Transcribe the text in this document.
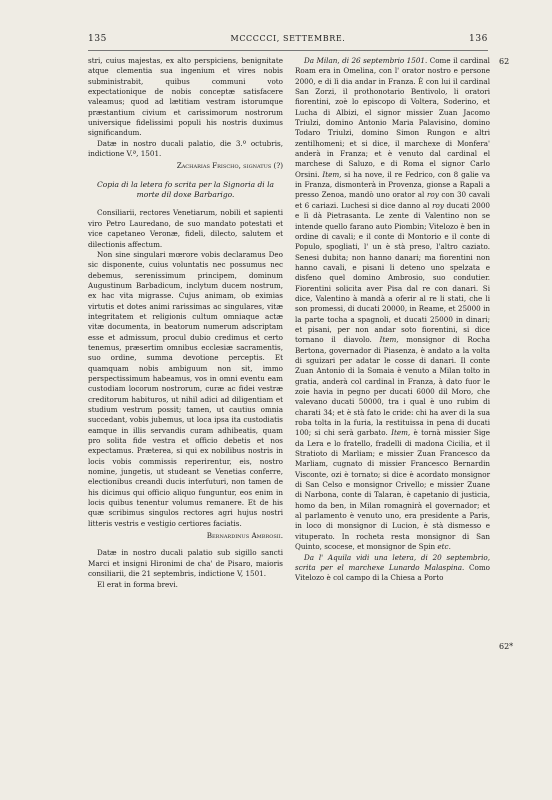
135	MCCCCCI, SETTEMBRE.	136

stri, cuius majestas, ex alto perspiciens, benignitate atque clementia sua ingenium et vires nobis subministrabit, quibus communi voto expectationique de nobis conceptæ satisfacere valeamus; quod ad lætitiam vestram istorumque præstantium civium et carissimorum nostrorum universique fidelissimi populi his nostris duximus significandum.

Datæ in nostro ducali palatio, die 3.º octubris, indictione V.ª, 1501.

Zacharias Frischo, signatus (?)

Copia di la letera fo scrita per la Signoria di la morte dil doxe Barbarigo.

Consiliarii, rectores Venetiarum, nobili et sapienti viro Petro Lauredano, de suo mandato potestati et vice capetaneo Veronæ, fideli, dilecto, salutem et dilectionis affectum.

Non sine singulari mœrore vobis declaramus Deo sic disponente, cuius voluntatis nec possumus nec debemus, serenissimum principem, dominum Augustinum Barbadicum, inclytum ducem nostrum, ex hac vita migrasse. Cujus animam, ob eximias virtutis et dotes animi rarissimas ac singulares, vitæ integritatem et religionis cultum omniaque actæ vitæ documenta, in beatorum numerum adscriptam esse et admissum, procul dubio credimus et certo tenemus, præsertim omnibus ecclesiæ sacramentis, suo ordine, summa devotione perceptis. Et quamquam nobis ambiguum non sit, immo perspectissimum habeamus, vos in omni eventu eam custodiam locorum nostrorum, curæ ac fidei vestræ creditorum habituros, ut nihil adici ad diligentiam et studium vestrum possit; tamen, ut cautius omnia succedant, vobis jubemus, ut loca ipsa ita custodiatis eamque in illis servandis curam adhibeatis, quam pro solita fide vestra et officio debetis et nos expectamus. Præterea, si qui ex nobilibus nostris in locis vobis commissis reperirentur, eis, nostro nomine, jungetis, ut studeant se Venetias conferre, electionibus creandi ducis interfuturi, non tamen de his dicimus qui officio aliquo funguntur, eos enim in locis quibus tenentur volumus remanere. Et de his quæ scribimus singulos rectores agri hujus nostri litteris vestris e vestigio certiores faciatis.

Bernardinus Ambrosii.

Datæ in nostro ducali palatio sub sigillo sancti Marci et insigni Hironimi de cha' de Pisaro, maioris consiliarii, die 21 septembris, indictione V, 1501.

El erat in forma brevi.

Da Milan, di 26 septembrio 1501. Come il cardinal Roam era in Omelina, con l' orator nostro e persone 2000, e di lì dia andar in Franza. È con lui il cardinal San Zorzi, il prothonotario Bentivolo, li oratori fiorentini, zoè lo episcopo di Voltera, Soderino, et Lucha di Albizi, el signor missier Zuan Jacomo Triulzi, domino Antonio Maria Palavisino, domino Todaro Triulzi, domino Simon Rungon e altri zentilhomeni; et si dice, il marchexe di Monfera' anderà in Franza; et è venuto dal cardinal el marchese di Saluzo, e di Roma el signor Carlo Orsini. Item, si ha nove, il re Fedrico, con 8 galie va in Franza, dismonterà in Provenza, gionse a Rapali a presso Zenoa, mandò uno orator al roy con 30 cavali et 6 cariazi. Luchesi si dice danno al roy ducati 2000 e lì dà Pietrasanta. Le zente di Valentino non se intende quello farano auto Piombin; Vitelozo è ben in ordine di cavali; e il conte di Montorio e il conte di Populo, spogliati, l' un è stà preso, l'altro caziato. Senesi dubita; non hanno danari; ma fiorentini non hanno cavali, e pisani li deteno uno spelzata e disfeno quel domino Ambrosio, suo condutier. Fiorentini solicita aver Pisa dal re con danari. Si dice, Valentino à mandà a oferir al re li stati, che li son promessi, di ducati 20000, in Reame, et 25000 in la parte tocha a spagnoli, et ducati 25000 in dinari; et pisani, per non andar soto fiorentini, si dice tornano il diavolo. Item, monsignor di Rocha Bertona, governador di Piasenza, è andato a la volta di sguizari per adatar le cosse di danari. Il conte Zuan Antonio di la Somaia è venuto a Milan tolto in gratia, anderà col cardinal in Franza, à dato fuor le zoie havia in pegno per ducati 6000 dil Moro, che valevano ducati 50000, tra i qual è uno rubim di charati 34; et è stà fato le cride: chi ha aver di la sua roba tolta in la furia, la restituissa in pena di ducati 100; si chi serà garbato. Item, è tornà missier Sige da Lera e lo fratello, fradelli di madona Cicilia, et il Stratioto di Marliam; e missier Zuan Francesco da Marliam, cugnato di missier Francesco Bernardin Visconte, ozi è tornato; si dice è acordato monsignor di San Celso e monsignor Crivello; e missier Zuane di Narbona, conte di Talaran, è capetanio di justicia, homo da ben, in Milan romagnirà el governador; et al parlamento è venuto uno, era presidente a Paris, in loco di monsignor di Lucion, è stà dismesso e vituperato. In rocheta resta monsignor di San Quinto, scocese, et monsignor de Spin etc.

Da l' Aquila vidi una letera, di 20 septembrio, scrita per el marchexe Lunardo Malaspina. Como Vitelozo è col campo di la Chiesa a Porto

62
62*
